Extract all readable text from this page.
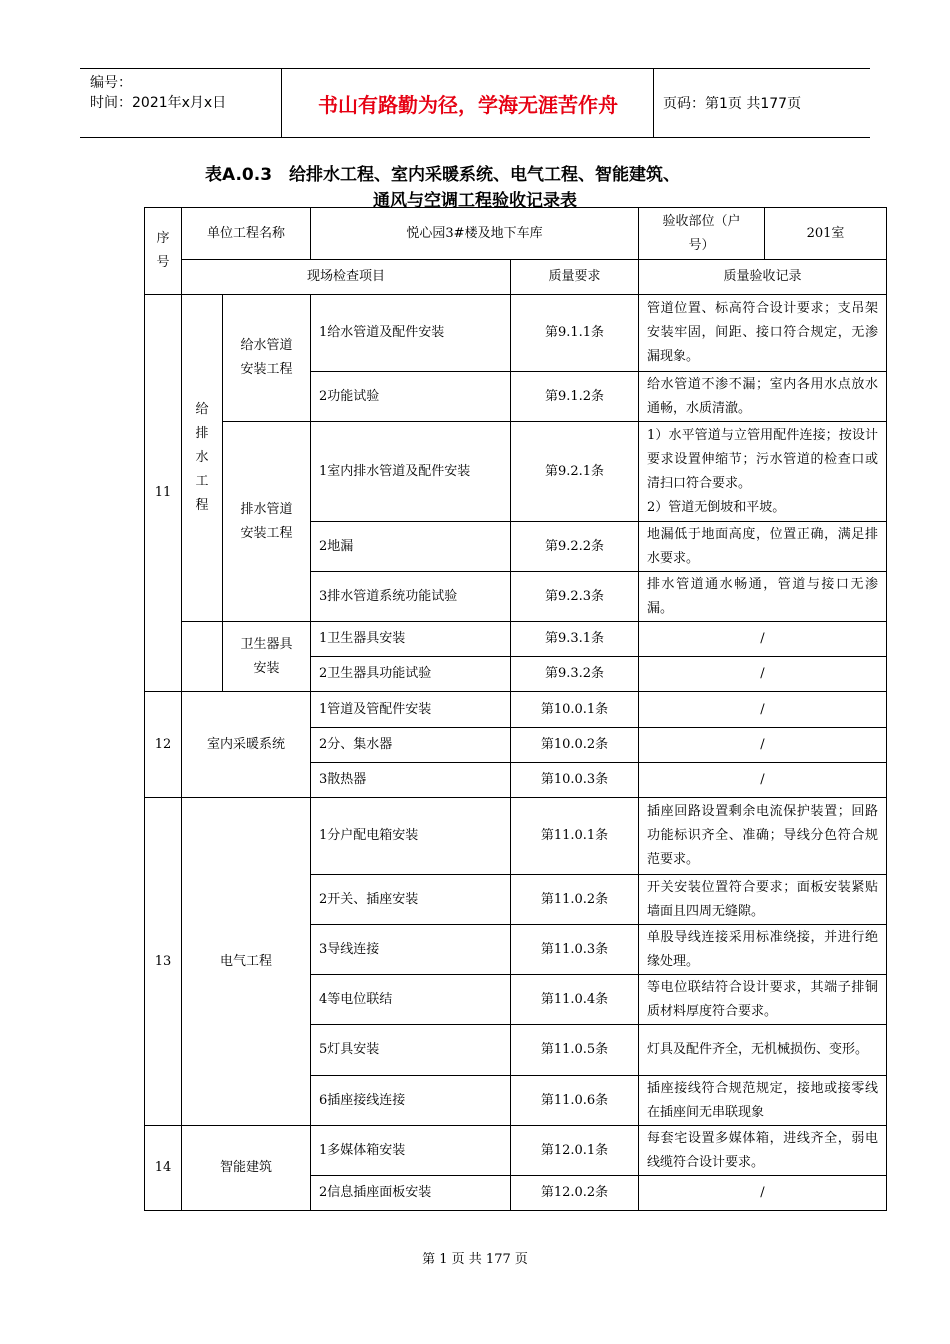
编号：
时间：2021年x月x日	书山有路勤为径，学海无涯苦作舟	页码：第1页 共177页
表A.0.3　给排水工程、室内采暖系统、电气工程、智能建筑、
通风与空调工程验收记录表
序号	单位工程名称		悦心园3#楼及地下车库		验收部位（户号）	201室
	现场检查项目			质量要求	质量验收记录	
11	给排水工程	给水管道安装工程	1给水管道及配件安装	第9.1.1条	管道位置、标高符合设计要求；支吊架安装牢固，间距、接口符合规定，无渗漏现象。	
			2功能试验	第9.1.2条	给水管道不渗不漏；室内各用水点放水通畅，水质清澈。	
		排水管道安装工程	1室内排水管道及配件安装	第9.2.1条	1）水平管道与立管用配件连接；按设计要求设置伸缩节；污水管道的检查口或清扫口符合要求。
2）管道无倒坡和平坡。	

			2地漏	第9.2.2条	地漏低于地面高度，位置正确，满足排水要求。	
			3排水管道系统功能试验	第9.2.3条	排水管道通水畅通，管道与接口无渗漏。	
		卫生器具安装	1卫生器具安装	第9.3.1条	/	
			2卫生器具功能试验	第9.3.2条	/	
12	室内采暖系统		1管道及管配件安装	第10.0.1条	/	
			2分、集水器	第10.0.2条	/	
			3散热器	第10.0.3条	/	
13	电气工程		1分户配电箱安装	第11.0.1条	插座回路设置剩余电流保护装置；回路功能标识齐全、准确；导线分色符合规范要求。	
			2开关、插座安装	第11.0.2条	开关安装位置符合要求；面板安装紧贴墙面且四周无缝隙。	
			3导线连接	第11.0.3条	单股导线连接采用标准绕接，并进行绝缘处理。	
			4等电位联结	第11.0.4条	等电位联结符合设计要求，其端子排铜质材料厚度符合要求。	
			5灯具安装	第11.0.5条	灯具及配件齐全，无机械损伤、变形。	
			6插座接线连接	第11.0.6条	插座接线符合规范规定，接地或接零线在插座间无串联现象	
14	智能建筑		1多媒体箱安装	第12.0.1条	每套宅设置多媒体箱，进线齐全，弱电线缆符合设计要求。	
			2信息插座面板安装	第12.0.2条	/	
第 1 页 共 177 页
